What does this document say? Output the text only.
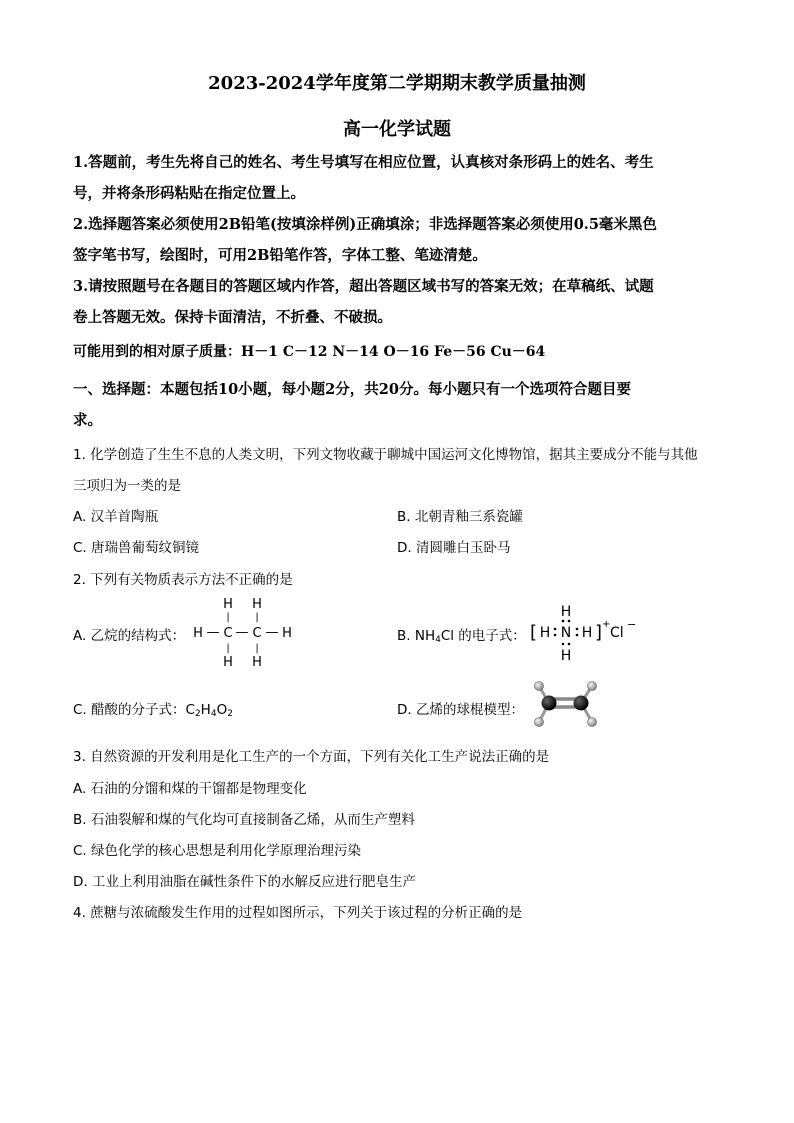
2023-2024学年度第二学期期末教学质量抽测
高一化学试题
1.答题前，考生先将自己的姓名、考生号填写在相应位置，认真核对条形码上的姓名、考生
号，并将条形码粘贴在指定位置上。
2.选择题答案必须使用2B铅笔(按填涂样例)正确填涂；非选择题答案必须使用0.5毫米黑色
签字笔书写，绘图时，可用2B铅笔作答，字体工整、笔迹清楚。
3.请按照题号在各题目的答题区域内作答，超出答题区域书写的答案无效；在草稿纸、试题
卷上答题无效。保持卡面清洁，不折叠、不破损。
可能用到的相对原子质量：H－1 C－12 N－14 O－16 Fe－56 Cu－64
一、选择题：本题包括10小题，每小题2分，共20分。每小题只有一个选项符合题目要
求。
1. 化学创造了生生不息的人类文明，下列文物收藏于聊城中国运河文化博物馆，据其主要成分不能与其他
三项归为一类的是
A. 汉羊首陶瓶	B. 北朝青釉三系瓷罐
C. 唐瑞兽葡萄纹铜镜	D. 清圆雕白玉卧马
2. 下列有关物质表示方法不正确的是
A. 乙烷的结构式：
H H
|	|
H — C — C — H
|	|
H H
B. $NH_4Cl$ 的电子式：
H
[ H N H ] +
H
Cl
−
C. 醋酸的分子式：$C_2H_4O_2$	D. 乙烯的球棍模型：
3. 自然资源的开发利用是化工生产的一个方面，下列有关化工生产说法正确的是
A. 石油的分馏和煤的干馏都是物理变化
B. 石油裂解和煤的气化均可直接制备乙烯，从而生产塑料
C. 绿色化学的核心思想是利用化学原理治理污染
D. 工业上利用油脂在碱性条件下的水解反应进行肥皂生产
4. 蔗糖与浓硫酸发生作用的过程如图所示，下列关于该过程的分析正确的是
